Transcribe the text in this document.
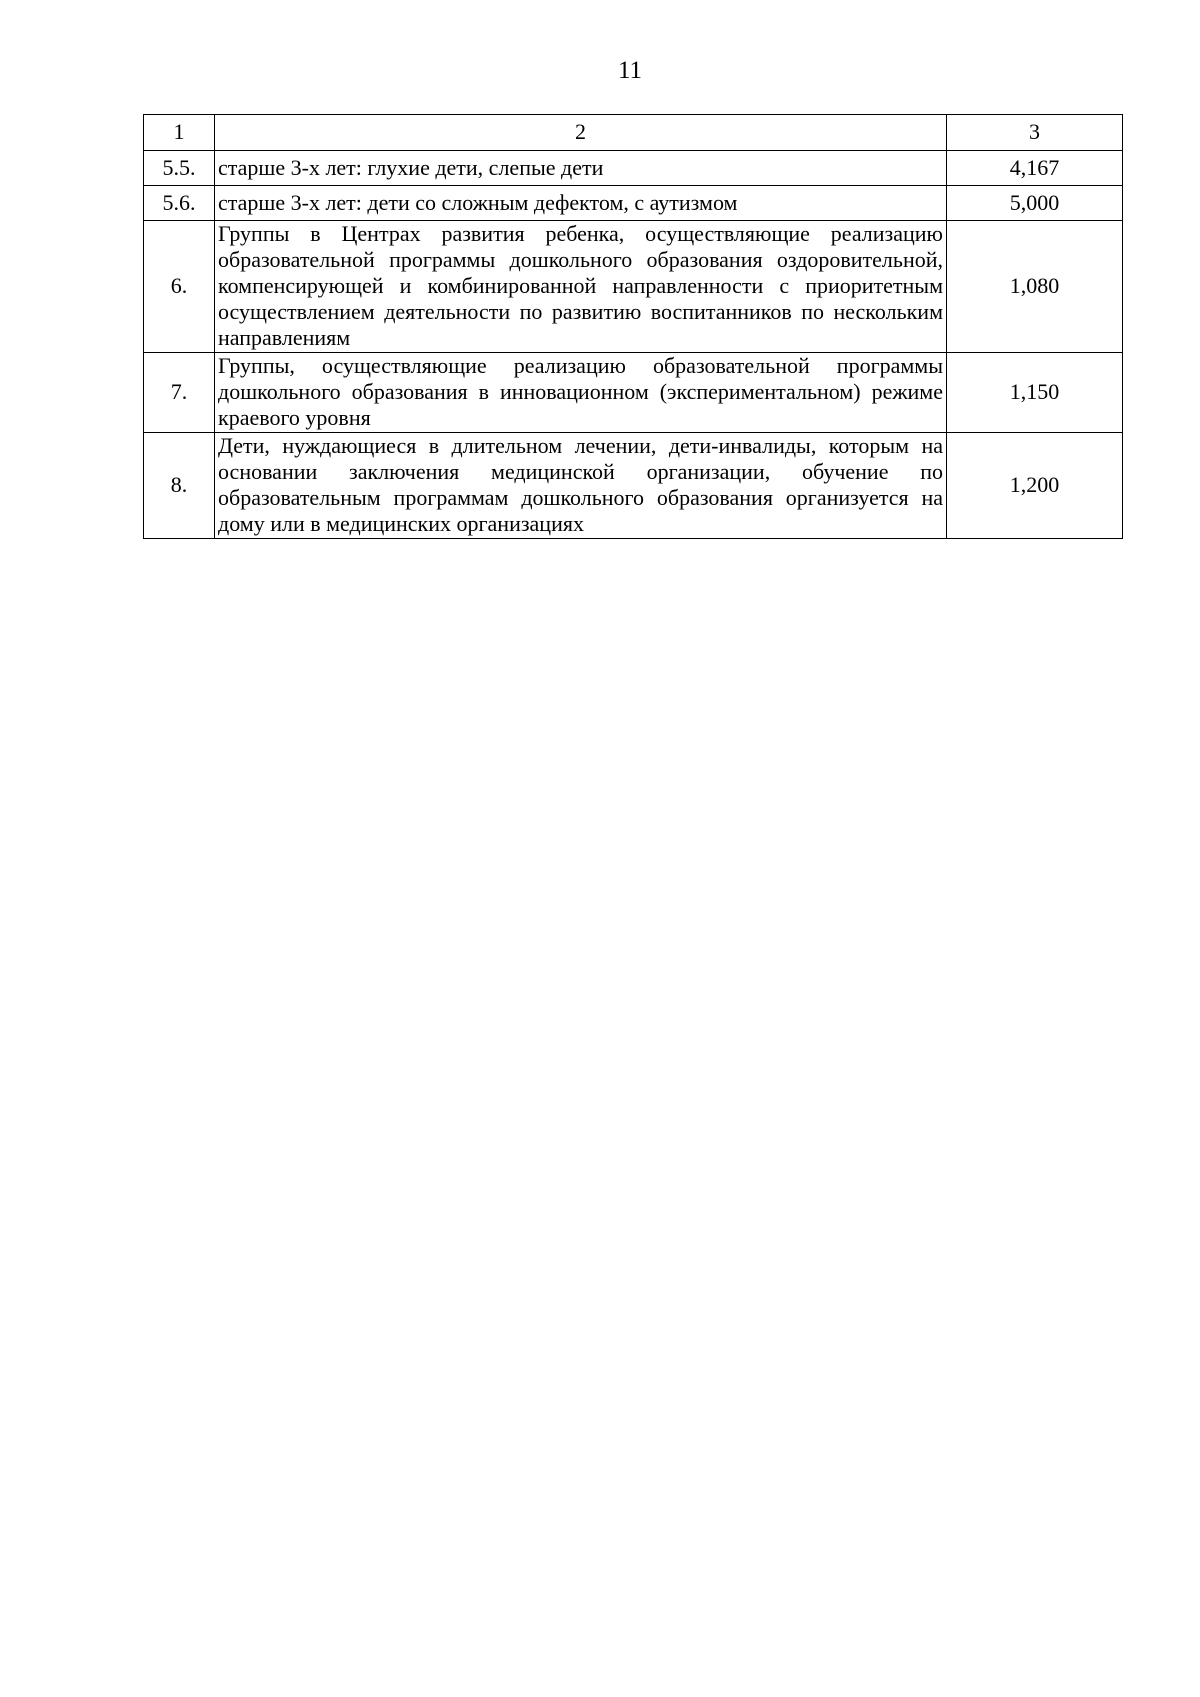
11
1	2	3
5.5.	старше 3-х лет: глухие дети, слепые дети	4,167
5.6.	старше 3-х лет: дети со сложным дефектом, с аутизмом	5,000
6.	Группы в Центрах развития ребенка, осуществляющие реализацию образовательной программы дошкольного образования оздоровительной, компенсирующей и комбинированной направленности с приоритетным осуществлением деятельности по развитию воспитанников по нескольким направлениям	1,080
7.	Группы, осуществляющие реализацию образовательной программы дошкольного образования в инновационном (экспериментальном) режиме краевого уровня	1,150
8.	Дети, нуждающиеся в длительном лечении, дети-инвалиды, которым на основании заключения медицинской организации, обучение по образовательным программам дошкольного образования организуется на дому или в медицинских организациях	1,200
